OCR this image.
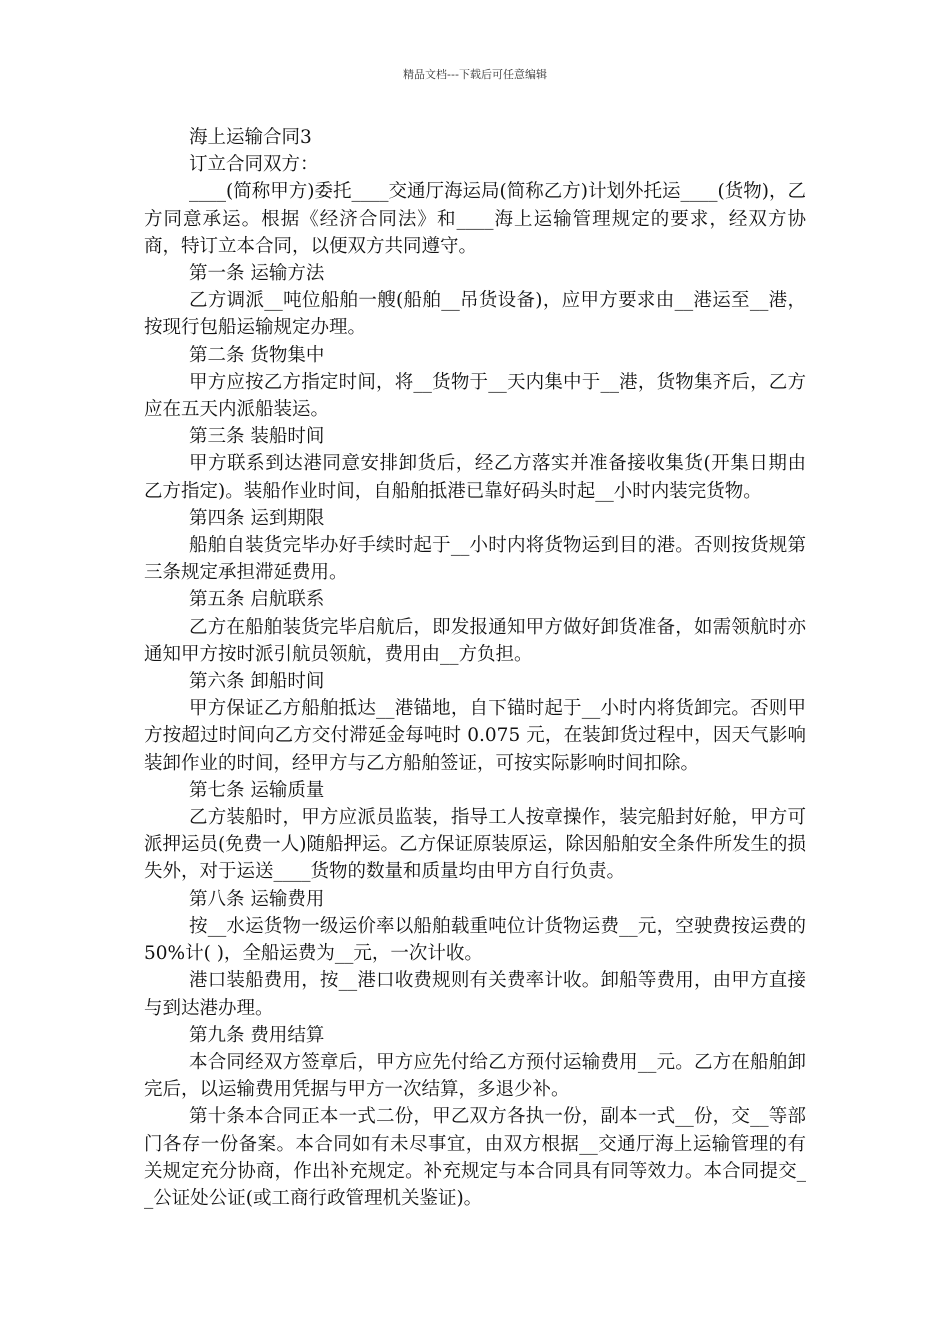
精品文档---下载后可任意编辑

海上运输合同3

订立合同双方：

____(简称甲方)委托____交通厅海运局(简称乙方)计划外托运____(货物)，乙方同意承运。根据《经济合同法》和____海上运输管理规定的要求，经双方协商，特订立本合同，以便双方共同遵守。

第一条 运输方法

乙方调派__吨位船舶一艘(船舶__吊货设备)，应甲方要求由__港运至__港，按现行包船运输规定办理。

第二条 货物集中

甲方应按乙方指定时间，将__货物于__天内集中于__港，货物集齐后，乙方应在五天内派船装运。

第三条 装船时间

甲方联系到达港同意安排卸货后，经乙方落实并准备接收集货(开集日期由乙方指定)。装船作业时间，自船舶抵港已靠好码头时起__小时内装完货物。

第四条 运到期限

船舶自装货完毕办好手续时起于__小时内将货物运到目的港。否则按货规第三条规定承担滞延费用。

第五条 启航联系

乙方在船舶装货完毕启航后，即发报通知甲方做好卸货准备，如需领航时亦通知甲方按时派引航员领航，费用由__方负担。

第六条 卸船时间

甲方保证乙方船舶抵达__港锚地，自下锚时起于__小时内将货卸完。否则甲方按超过时间向乙方交付滞延金每吨时 0.075 元，在装卸货过程中，因天气影响装卸作业的时间，经甲方与乙方船舶签证，可按实际影响时间扣除。

第七条 运输质量

乙方装船时，甲方应派员监装，指导工人按章操作，装完船封好舱，甲方可派押运员(免费一人)随船押运。乙方保证原装原运，除因船舶安全条件所发生的损失外，对于运送____货物的数量和质量均由甲方自行负责。

第八条 运输费用

按__水运货物一级运价率以船舶载重吨位计货物运费__元，空驶费按运费的50%计( )，全船运费为__元，一次计收。

港口装船费用，按__港口收费规则有关费率计收。卸船等费用，由甲方直接与到达港办理。

第九条 费用结算

本合同经双方签章后，甲方应先付给乙方预付运输费用__元。乙方在船舶卸完后，以运输费用凭据与甲方一次结算，多退少补。

第十条本合同正本一式二份，甲乙双方各执一份，副本一式__份，交__等部门各存一份备案。本合同如有未尽事宜，由双方根据__交通厅海上运输管理的有关规定充分协商，作出补充规定。补充规定与本合同具有同等效力。本合同提交__公证处公证(或工商行政管理机关鉴证)。
